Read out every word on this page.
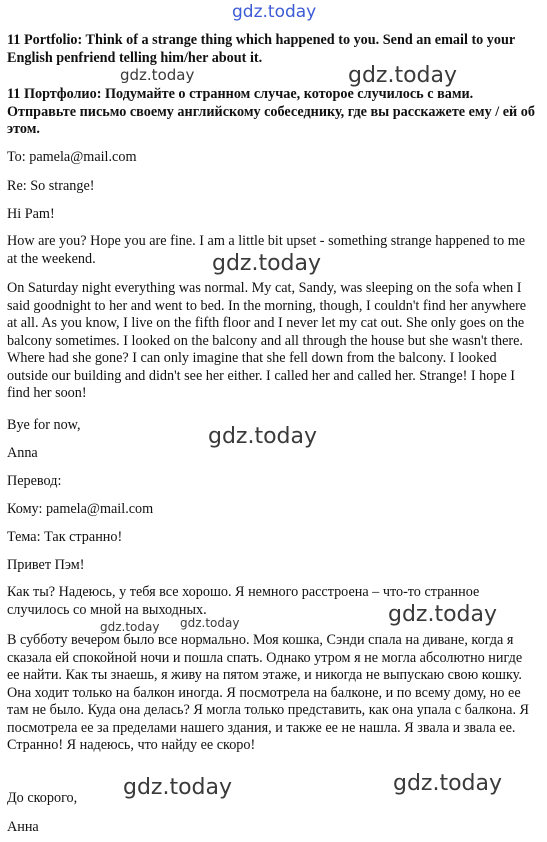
gdz.today

11 Portfolio: Think of a strange thing which happened to you. Send an email to your English penfriend telling him/her about it.

11 Портфолио: Подумайте о странном случае, которое случилось с вами. Отправьте письмо своему английскому собеседнику, где вы расскажете ему / ей об этом.

To: pamela@mail.com

Re: So strange!

Hi Pam!

How are you? Hope you are fine. I am a little bit upset - something strange happened to me at the weekend.

On Saturday night everything was normal. My cat, Sandy, was sleeping on the sofa when I said goodnight to her and went to bed. In the morning, though, I couldn't find her anywhere at all. As you know, I live on the fifth floor and I never let my cat out. She only goes on the balcony sometimes. I looked on the balcony and all through the house but she wasn't there. Where had she gone? I can only imagine that she fell down from the balcony. I looked outside our building and didn't see her either. I called her and called her. Strange! I hope I find her soon!

Bye for now,

Anna

Перевод:

Кому: pamela@mail.com

Тема: Так странно!

Привет Пэм!

Как ты? Надеюсь, у тебя все хорошо. Я немного расстроена – что-то странное случилось со мной на выходных.

В субботу вечером было все нормально. Моя кошка, Сэнди спала на диване, когда я сказала ей спокойной ночи и пошла спать. Однако утром я не могла абсолютно нигде ее найти. Как ты знаешь, я живу на пятом этаже, и никогда не выпускаю свою кошку. Она ходит только на балкон иногда. Я посмотрела на балконе, и по всему дому, но ее там не было. Куда она делась? Я могла только представить, как она упала с балкона. Я посмотрела ее за пределами нашего здания, и также ее не нашла. Я звала и звала ее. Странно! Я надеюсь, что найду ее скоро!

До скорого,

Анна

gdz.today	gdz.today
gdz.today
gdz.today
gdz.today
gdz.today gdz.today
gdz.today	gdz.today
